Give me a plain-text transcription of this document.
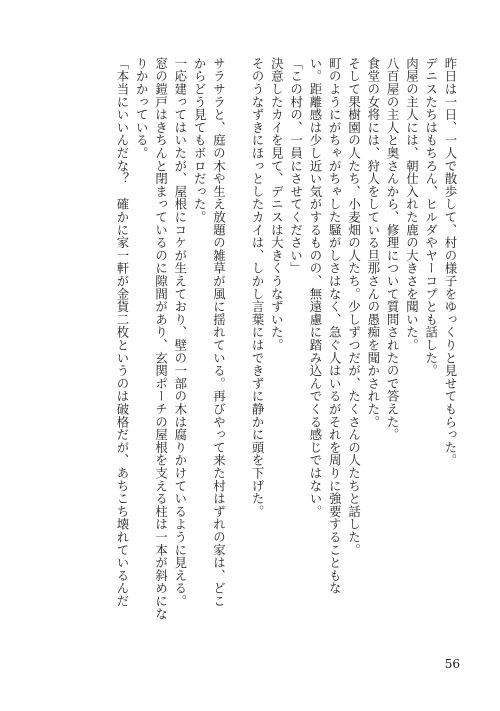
昨日は一日、一人で散歩して、村の様子をゆっくりと見せてもらった。
デニスたちはもちろん、ヒルダやヤーコプとも話した。
肉屋の主人には、朝仕入れた鹿の大きさを聞いた。
八百屋の主人と奥さんから、修理について質問されたので答えた。
食堂の女将には、狩人をしている旦那さんの愚痴を聞かされた。
そして果樹園の人たち、小麦畑の人たち。少しずつだが、たくさんの人たちと話した。
町のようにがちゃがちゃした騒がしさはなく、急ぐ人はいるがそれを周りに強要することもな
い。距離感は少し近い気がするものの、無遠慮に踏み込んでくる感じではない。
「この村の、一員にさせてください」
決意したカイを見て、デニスは大きくうなずいた。
そのうなずきにほっとしたカイは、しかし言葉にはできずに静かに頭を下げた。
サラサラと、庭の木や生え放題の雑草が風に揺れている。再びやって来た村はずれの家は、どこ
からどう見てもボロだった。
一応建ってはいたが、屋根にコケが生えており、壁の一部の木は腐りかけているように見える。
窓の鎧戸はきちんと閉まっているのに隙間があり、玄関ポーチの屋根を支える柱は一本が斜めにな
りかかっている。
「本当にいいんだな？　確かに家一軒が金貨二枚というのは破格だが、あちこち壊れているんだ
56
